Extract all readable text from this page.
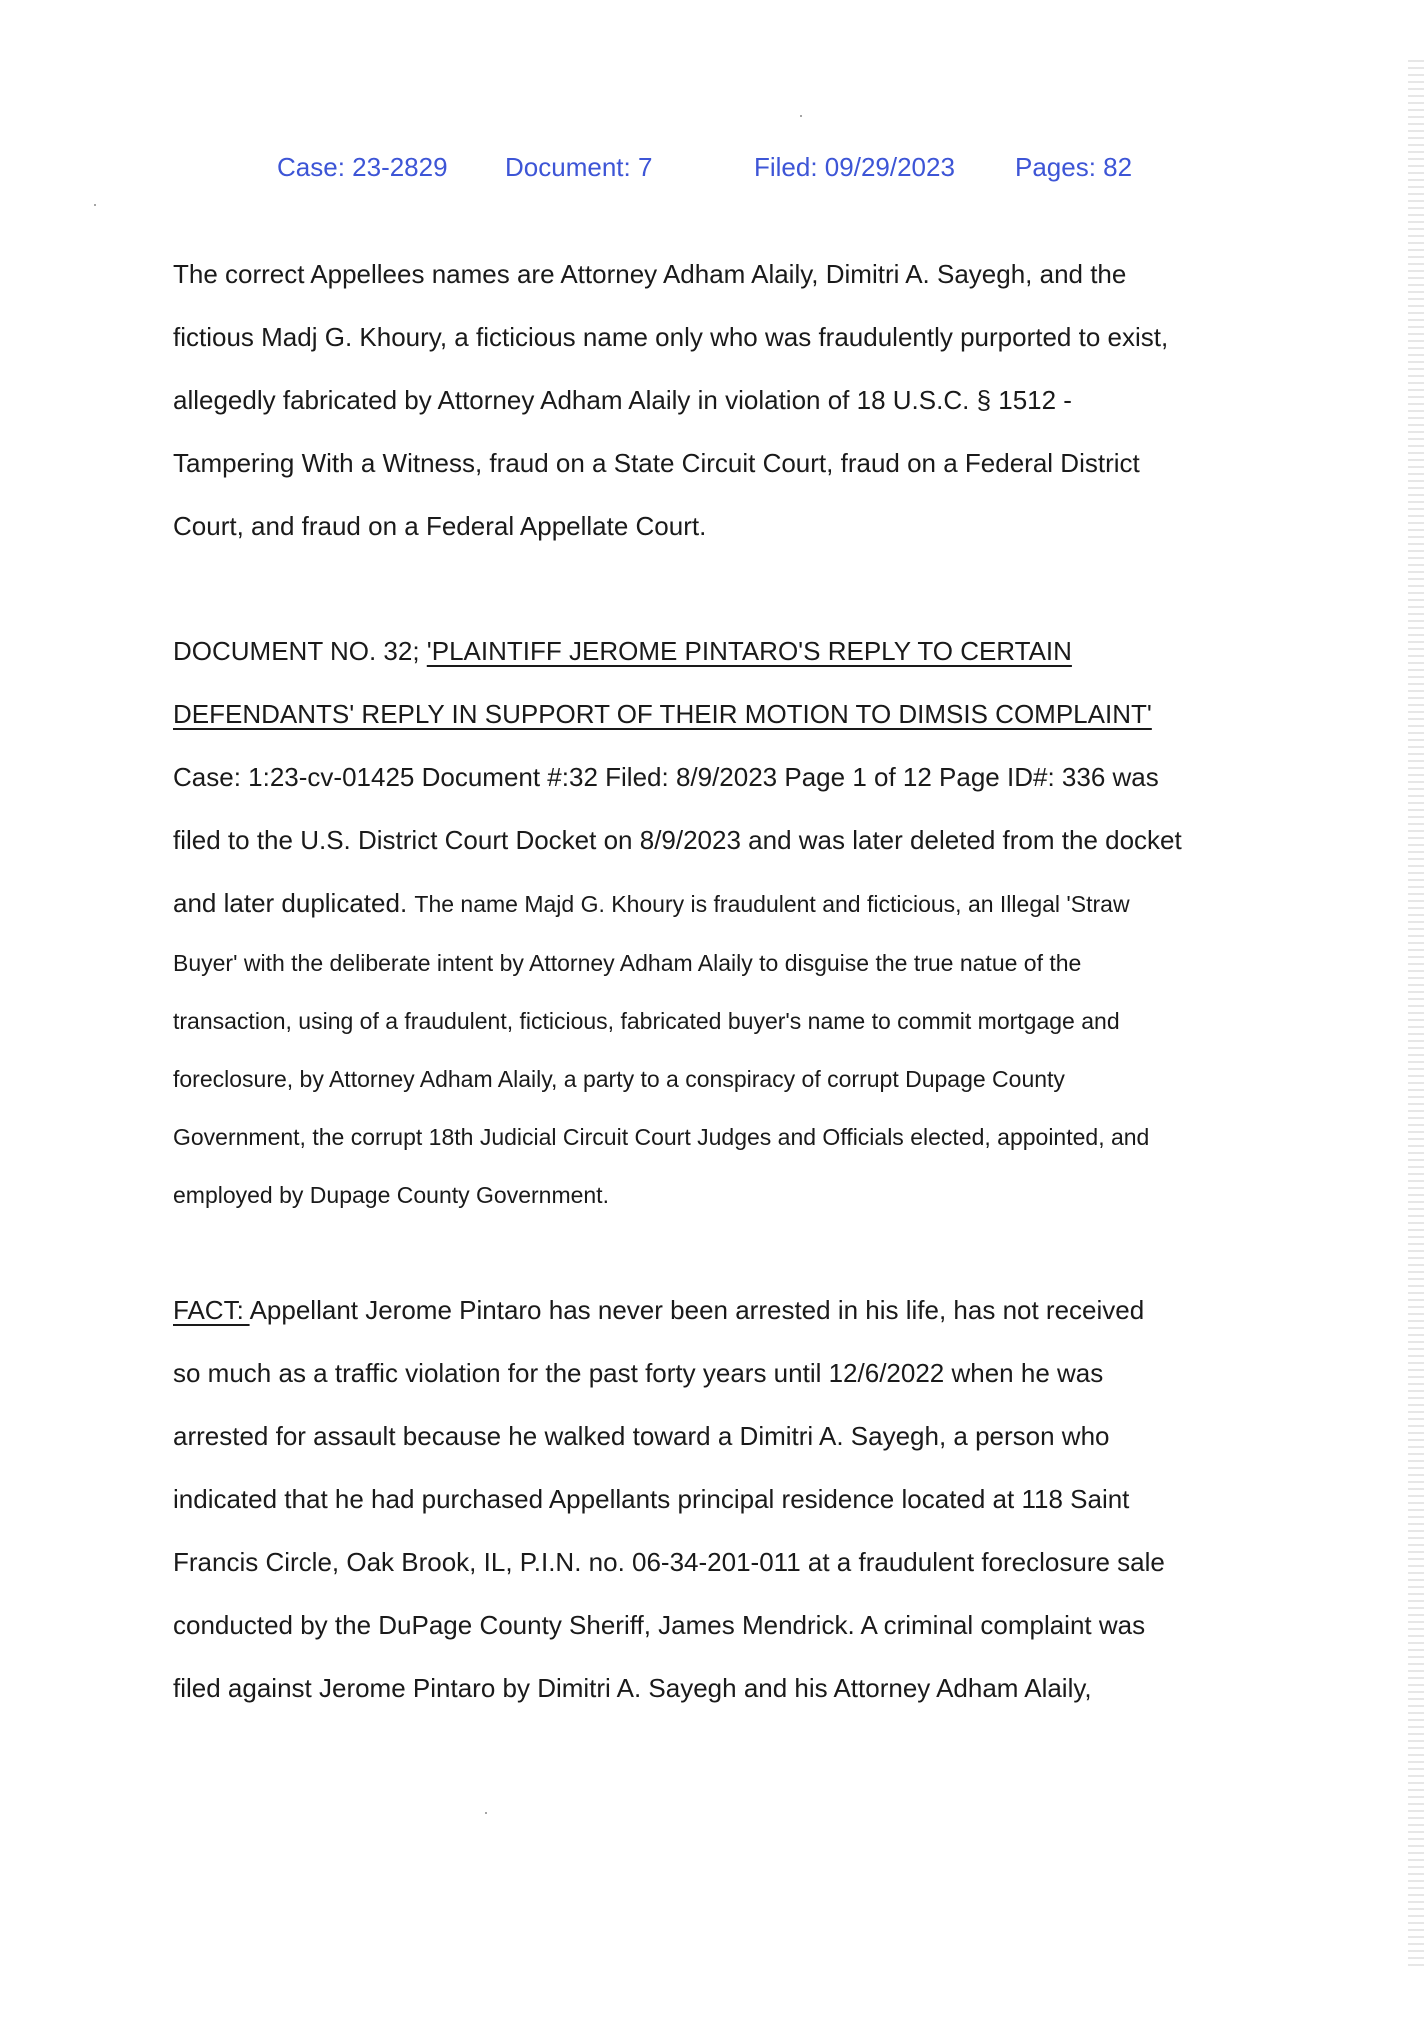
Case: 23-2829 Document: 7	Filed: 09/29/2023 Pages: 82
The correct Appellees names are Attorney Adham Alaily, Dimitri A. Sayegh, and the
fictious Madj G. Khoury, a ficticious name only who was fraudulently purported to exist,
allegedly fabricated by Attorney Adham Alaily in violation of 18 U.S.C. § 1512 -
Tampering With a Witness, fraud on a State Circuit Court, fraud on a Federal District
Court, and fraud on a Federal Appellate Court.
DOCUMENT NO. 32; 'PLAINTIFF JEROME PINTARO'S REPLY TO CERTAIN
DEFENDANTS' REPLY IN SUPPORT OF THEIR MOTION TO DIMSIS COMPLAINT'
Case: 1:23-cv-01425 Document #:32 Filed: 8/9/2023 Page 1 of 12 Page ID#: 336 was
filed to the U.S. District Court Docket on 8/9/2023 and was later deleted from the docket
and later duplicated. The name Majd G. Khoury is fraudulent and ficticious, an Illegal 'Straw
Buyer' with the deliberate intent by Attorney Adham Alaily to disguise the true natue of the
transaction, using of a fraudulent, ficticious, fabricated buyer's name to commit mortgage and
foreclosure, by Attorney Adham Alaily, a party to a conspiracy of corrupt Dupage County
Government, the corrupt 18th Judicial Circuit Court Judges and Officials elected, appointed, and
employed by Dupage County Government.
FACT: Appellant Jerome Pintaro has never been arrested in his life, has not received
so much as a traffic violation for the past forty years until 12/6/2022 when he was
arrested for assault because he walked toward a Dimitri A. Sayegh, a person who
indicated that he had purchased Appellants principal residence located at 118 Saint
Francis Circle, Oak Brook, IL, P.I.N. no. 06-34-201-011 at a fraudulent foreclosure sale
conducted by the DuPage County Sheriff, James Mendrick. A criminal complaint was
filed against Jerome Pintaro by Dimitri A. Sayegh and his Attorney Adham Alaily,
